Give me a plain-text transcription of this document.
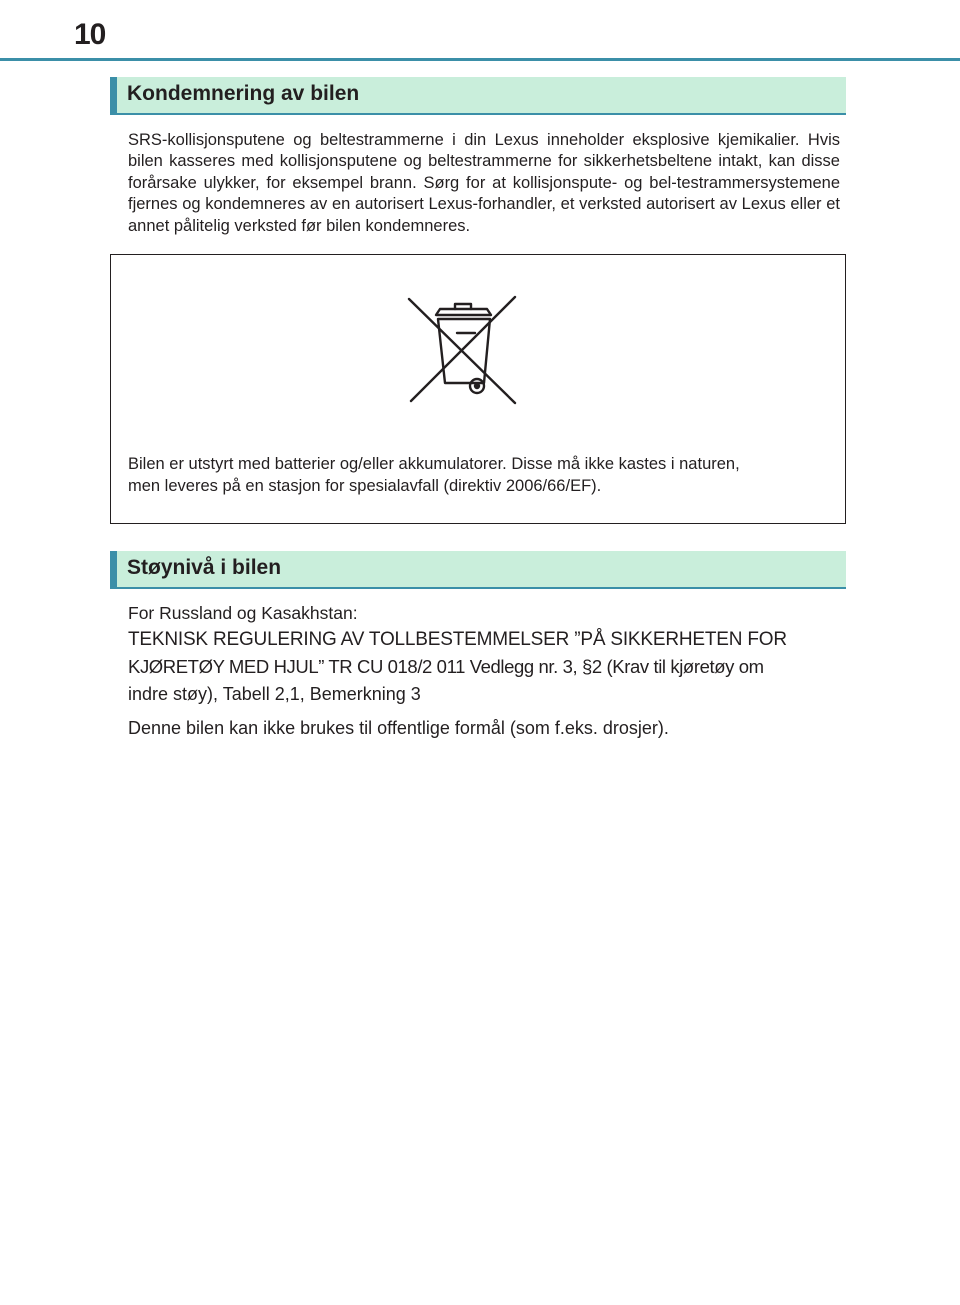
10
Kondemnering av bilen

SRS-kollisjonsputene og beltestrammerne i din Lexus inneholder eksplosive kjemikalier. Hvis bilen kasseres med kollisjonsputene og beltestrammerne for sikkerhetsbeltene intakt, kan disse forårsake ulykker, for eksempel brann. Sørg for at kollisjonspute- og bel-testrammersystemene fjernes og kondemneres av en autorisert Lexus-forhandler, et verksted autorisert av Lexus eller et annet pålitelig verksted før bilen kondemneres.

Bilen er utstyrt med batterier og/eller akkumulatorer. Disse må ikke kastes i naturen,
men leveres på en stasjon for spesialavfall (direktiv 2006/66/EF).

Støynivå i bilen

For Russland og Kasakhstan:

TEKNISK REGULERING AV TOLLBESTEMMELSER ”PÅ SIKKERHETEN FOR

KJØRETØY MED HJUL” TR CU 018/2 011 Vedlegg nr. 3, §2 (Krav til kjøretøy om

indre støy), Tabell 2,1, Bemerkning 3

Denne bilen kan ikke brukes til offentlige formål (som f.eks. drosjer).
